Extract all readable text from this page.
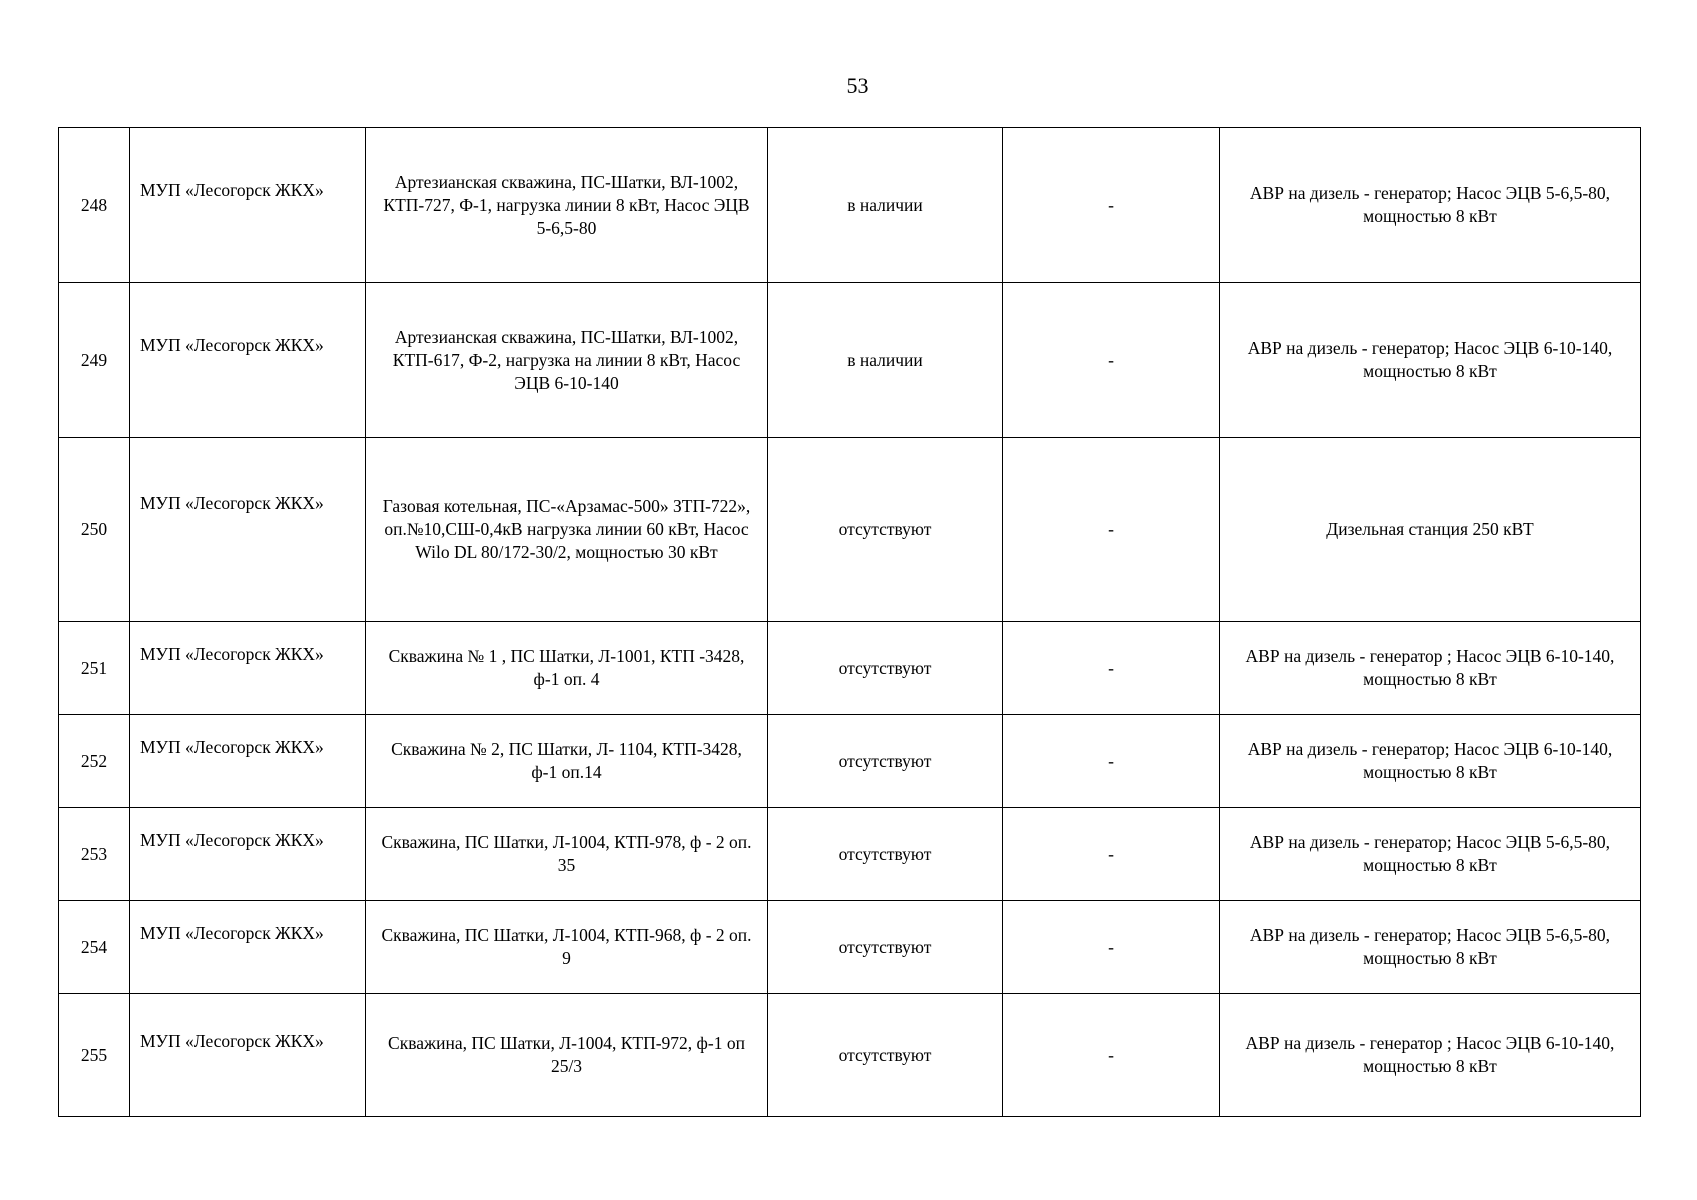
53
248	МУП «Лесогорск ЖКХ»	Артезианская скважина, ПС-Шатки, ВЛ-1002, КТП-727, Ф-1, нагрузка линии 8 кВт, Насос ЭЦВ 5-6,5-80	в наличии	-	АВР на дизель - генератор; Насос ЭЦВ 5-6,5-80, мощностью 8 кВт

249	МУП «Лесогорск ЖКХ»	Артезианская скважина, ПС-Шатки, ВЛ-1002, КТП-617, Ф-2, нагрузка на линии 8 кВт, Насос ЭЦВ 6-10-140	в наличии	-	АВР на дизель - генератор; Насос ЭЦВ 6-10-140, мощностью 8 кВт

250	МУП «Лесогорск ЖКХ»	Газовая котельная, ПС-«Арзамас-500» ЗТП-722», оп.№10,СШ-0,4кВ нагрузка линии 60 кВт, Насос Wilo DL 80/172-30/2, мощностью 30 кВт	отсутствуют	-	Дизельная станция 250 кВТ

251	МУП «Лесогорск ЖКХ»	Скважина № 1 , ПС Шатки, Л-1001, КТП -3428, ф-1 оп. 4	отсутствуют	-	АВР на дизель - генератор ; Насос ЭЦВ 6-10-140, мощностью 8 кВт

252	МУП «Лесогорск ЖКХ»	Скважина № 2, ПС Шатки, Л- 1104, КТП-3428, ф-1 оп.14	отсутствуют	-	АВР на дизель - генератор; Насос ЭЦВ 6-10-140, мощностью 8 кВт

253	МУП «Лесогорск ЖКХ»	Скважина, ПС Шатки, Л-1004, КТП-978, ф - 2 оп. 35	отсутствуют	-	АВР на дизель - генератор; Насос ЭЦВ 5-6,5-80, мощностью 8 кВт

254	МУП «Лесогорск ЖКХ»	Скважина, ПС Шатки, Л-1004, КТП-968, ф - 2 оп. 9	отсутствуют	-	АВР на дизель - генератор; Насос ЭЦВ 5-6,5-80, мощностью 8 кВт

255	МУП «Лесогорск ЖКХ»	Скважина, ПС Шатки, Л-1004, КТП-972, ф-1 оп 25/3	отсутствуют	-	АВР на дизель - генератор ; Насос ЭЦВ 6-10-140, мощностью 8 кВт
